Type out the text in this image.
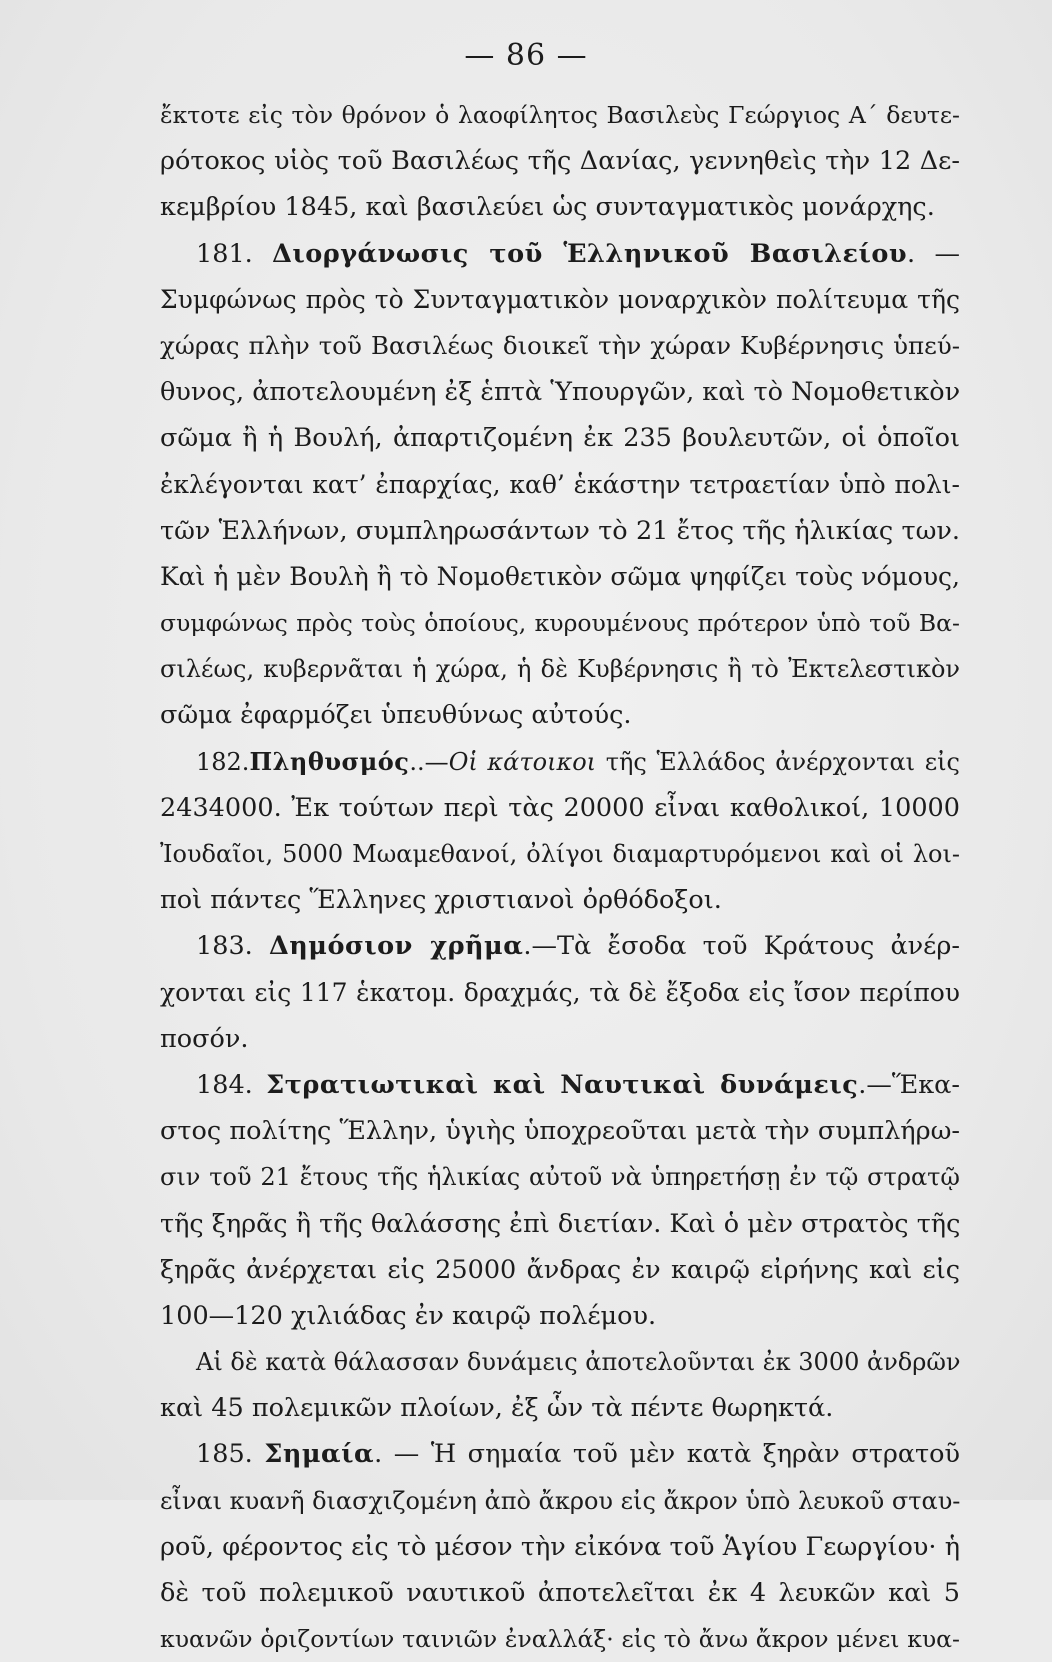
— 86 —
ἔκτοτε εἰς τὸν θρόνον ὁ λαοφίλητος Βασιλεὺς Γεώργιος Α΄ δευτε-
ρότοκος υἱὸς τοῦ Βασιλέως τῆς Δανίας, γεννηθεὶς τὴν 12 Δε-
κεμβρίου 1845, καὶ βασιλεύει ὡς συνταγματικὸς μονάρχης.
181. Διοργάνωσις τοῦ Ἑλληνικοῦ Βασιλείου. —
Συμφώνως πρὸς τὸ Συνταγματικὸν μοναρχικὸν πολίτευμα τῆς
χώρας πλὴν τοῦ Βασιλέως διοικεῖ τὴν χώραν Κυβέρνησις ὑπεύ-
θυνος, ἀποτελουμένη ἐξ ἑπτὰ Ὑπουργῶν, καὶ τὸ Νομοθετικὸν
σῶμα ἢ ἡ Βουλή, ἀπαρτιζομένη ἐκ 235 βουλευτῶν, οἱ ὁποῖοι
ἐκλέγονται κατ’ ἐπαρχίας, καθ’ ἑκάστην τετραετίαν ὑπὸ πολι-
τῶν Ἑλλήνων, συμπληρωσάντων τὸ 21 ἔτος τῆς ἡλικίας των.
Καὶ ἡ μὲν Βουλὴ ἢ τὸ Νομοθετικὸν σῶμα ψηφίζει τοὺς νόμους,
συμφώνως πρὸς τοὺς ὁποίους, κυρουμένους πρότερον ὑπὸ τοῦ Βα-
σιλέως, κυβερνᾶται ἡ χώρα, ἡ δὲ Κυβέρνησις ἢ τὸ Ἐκτελεστικὸν
σῶμα ἐφαρμόζει ὑπευθύνως αὐτούς.
182.Πληθυσμός..—Οἱ κάτοικοι τῆς Ἑλλάδος ἀνέρχονται εἰς
2434000. Ἐκ τούτων περὶ τὰς 20000 εἶναι καθολικοί, 10000
Ἰουδαῖοι, 5000 Μωαμεθανοί, ὀλίγοι διαμαρτυρόμενοι καὶ οἱ λοι-
ποὶ πάντες Ἕλληνες χριστιανοὶ ὀρθόδοξοι.
183. Δημόσιον χρῆμα.—Τὰ ἔσοδα τοῦ Κράτους ἀνέρ-
χονται εἰς 117 ἑκατομ. δραχμάς, τὰ δὲ ἔξοδα εἰς ἴσον περίπου
ποσόν.
184. Στρατιωτικαὶ καὶ Ναυτικαὶ δυνάμεις.—Ἕκα-
στος πολίτης Ἕλλην, ὑγιὴς ὑποχρεοῦται μετὰ τὴν συμπλήρω-
σιν τοῦ 21 ἔτους τῆς ἡλικίας αὐτοῦ νὰ ὑπηρετήσῃ ἐν τῷ στρατῷ
τῆς ξηρᾶς ἢ τῆς θαλάσσης ἐπὶ διετίαν. Καὶ ὁ μὲν στρατὸς τῆς
ξηρᾶς ἀνέρχεται εἰς 25000 ἄνδρας ἐν καιρῷ εἰρήνης καὶ εἰς
100—120 χιλιάδας ἐν καιρῷ πολέμου.
Αἱ δὲ κατὰ θάλασσαν δυνάμεις ἀποτελοῦνται ἐκ 3000 ἀνδρῶν
καὶ 45 πολεμικῶν πλοίων, ἐξ ὧν τὰ πέντε θωρηκτά.
185. Σημαία. — Ἡ σημαία τοῦ μὲν κατὰ ξηρὰν στρατοῦ
εἶναι κυανῆ διασχιζομένη ἀπὸ ἄκρου εἰς ἄκρον ὑπὸ λευκοῦ σταυ-
ροῦ, φέροντος εἰς τὸ μέσον τὴν εἰκόνα τοῦ Ἁγίου Γεωργίου· ἡ
δὲ τοῦ πολεμικοῦ ναυτικοῦ ἀποτελεῖται ἐκ 4 λευκῶν καὶ 5
κυανῶν ὁριζοντίων ταινιῶν ἐναλλάξ· εἰς τὸ ἄνω ἄκρον μένει κυα-
